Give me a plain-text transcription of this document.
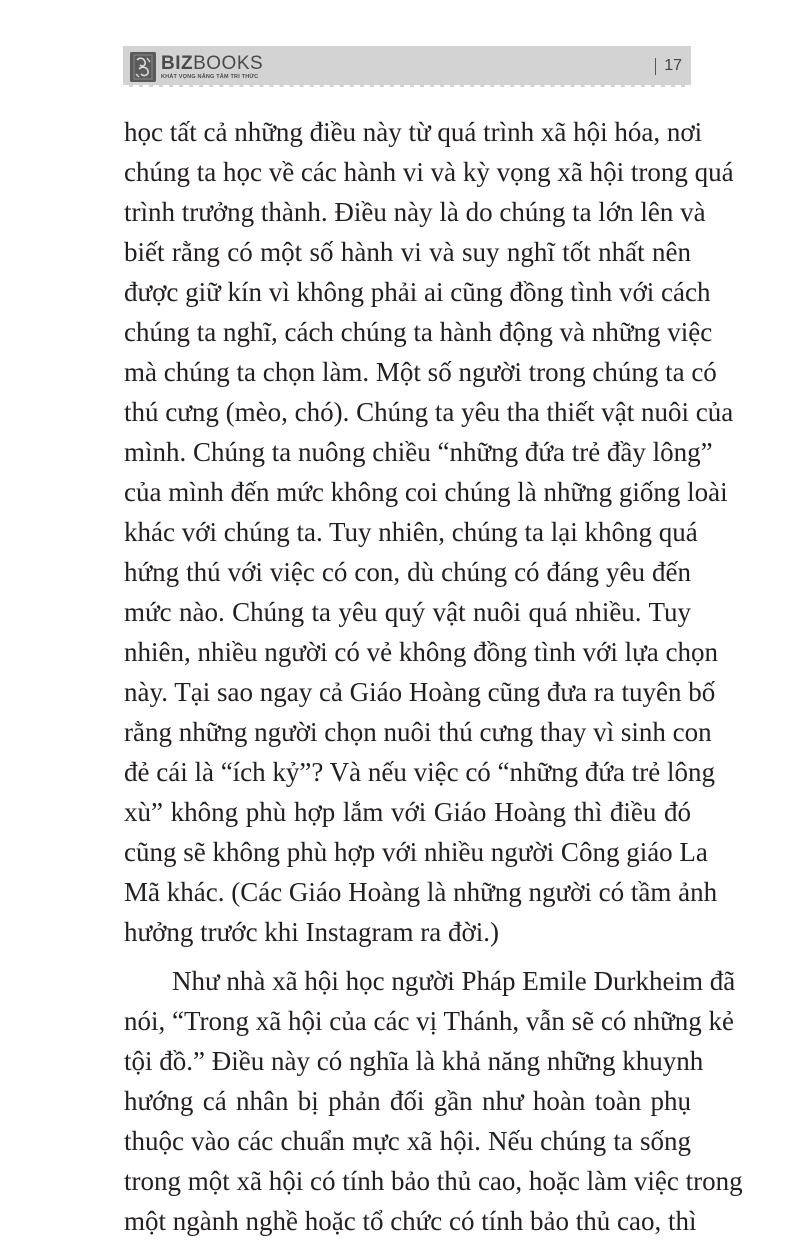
BIZBOOKS
KHÁT VỌNG NÂNG TẦM TRI THỨC
17
học tất cả những điều này từ quá trình xã hội hóa, nơi
chúng ta học về các hành vi và kỳ vọng xã hội trong quá
trình trưởng thành. Điều này là do chúng ta lớn lên và
biết rằng có một số hành vi và suy nghĩ tốt nhất nên
được giữ kín vì không phải ai cũng đồng tình với cách
chúng ta nghĩ, cách chúng ta hành động và những việc
mà chúng ta chọn làm. Một số người trong chúng ta có
thú cưng (mèo, chó). Chúng ta yêu tha thiết vật nuôi của
mình. Chúng ta nuông chiều “những đứa trẻ đầy lông”
của mình đến mức không coi chúng là những giống loài
khác với chúng ta. Tuy nhiên, chúng ta lại không quá
hứng thú với việc có con, dù chúng có đáng yêu đến
mức nào. Chúng ta yêu quý vật nuôi quá nhiều. Tuy
nhiên, nhiều người có vẻ không đồng tình với lựa chọn
này. Tại sao ngay cả Giáo Hoàng cũng đưa ra tuyên bố
rằng những người chọn nuôi thú cưng thay vì sinh con
đẻ cái là “ích kỷ”? Và nếu việc có “những đứa trẻ lông
xù” không phù hợp lắm với Giáo Hoàng thì điều đó
cũng sẽ không phù hợp với nhiều người Công giáo La
Mã khác. (Các Giáo Hoàng là những người có tầm ảnh
hưởng trước khi Instagram ra đời.)
Như nhà xã hội học người Pháp Emile Durkheim đã
nói, “Trong xã hội của các vị Thánh, vẫn sẽ có những kẻ
tội đồ.” Điều này có nghĩa là khả năng những khuynh
hướng cá nhân bị phản đối gần như hoàn toàn phụ
thuộc vào các chuẩn mực xã hội. Nếu chúng ta sống
trong một xã hội có tính bảo thủ cao, hoặc làm việc trong
một ngành nghề hoặc tổ chức có tính bảo thủ cao, thì
